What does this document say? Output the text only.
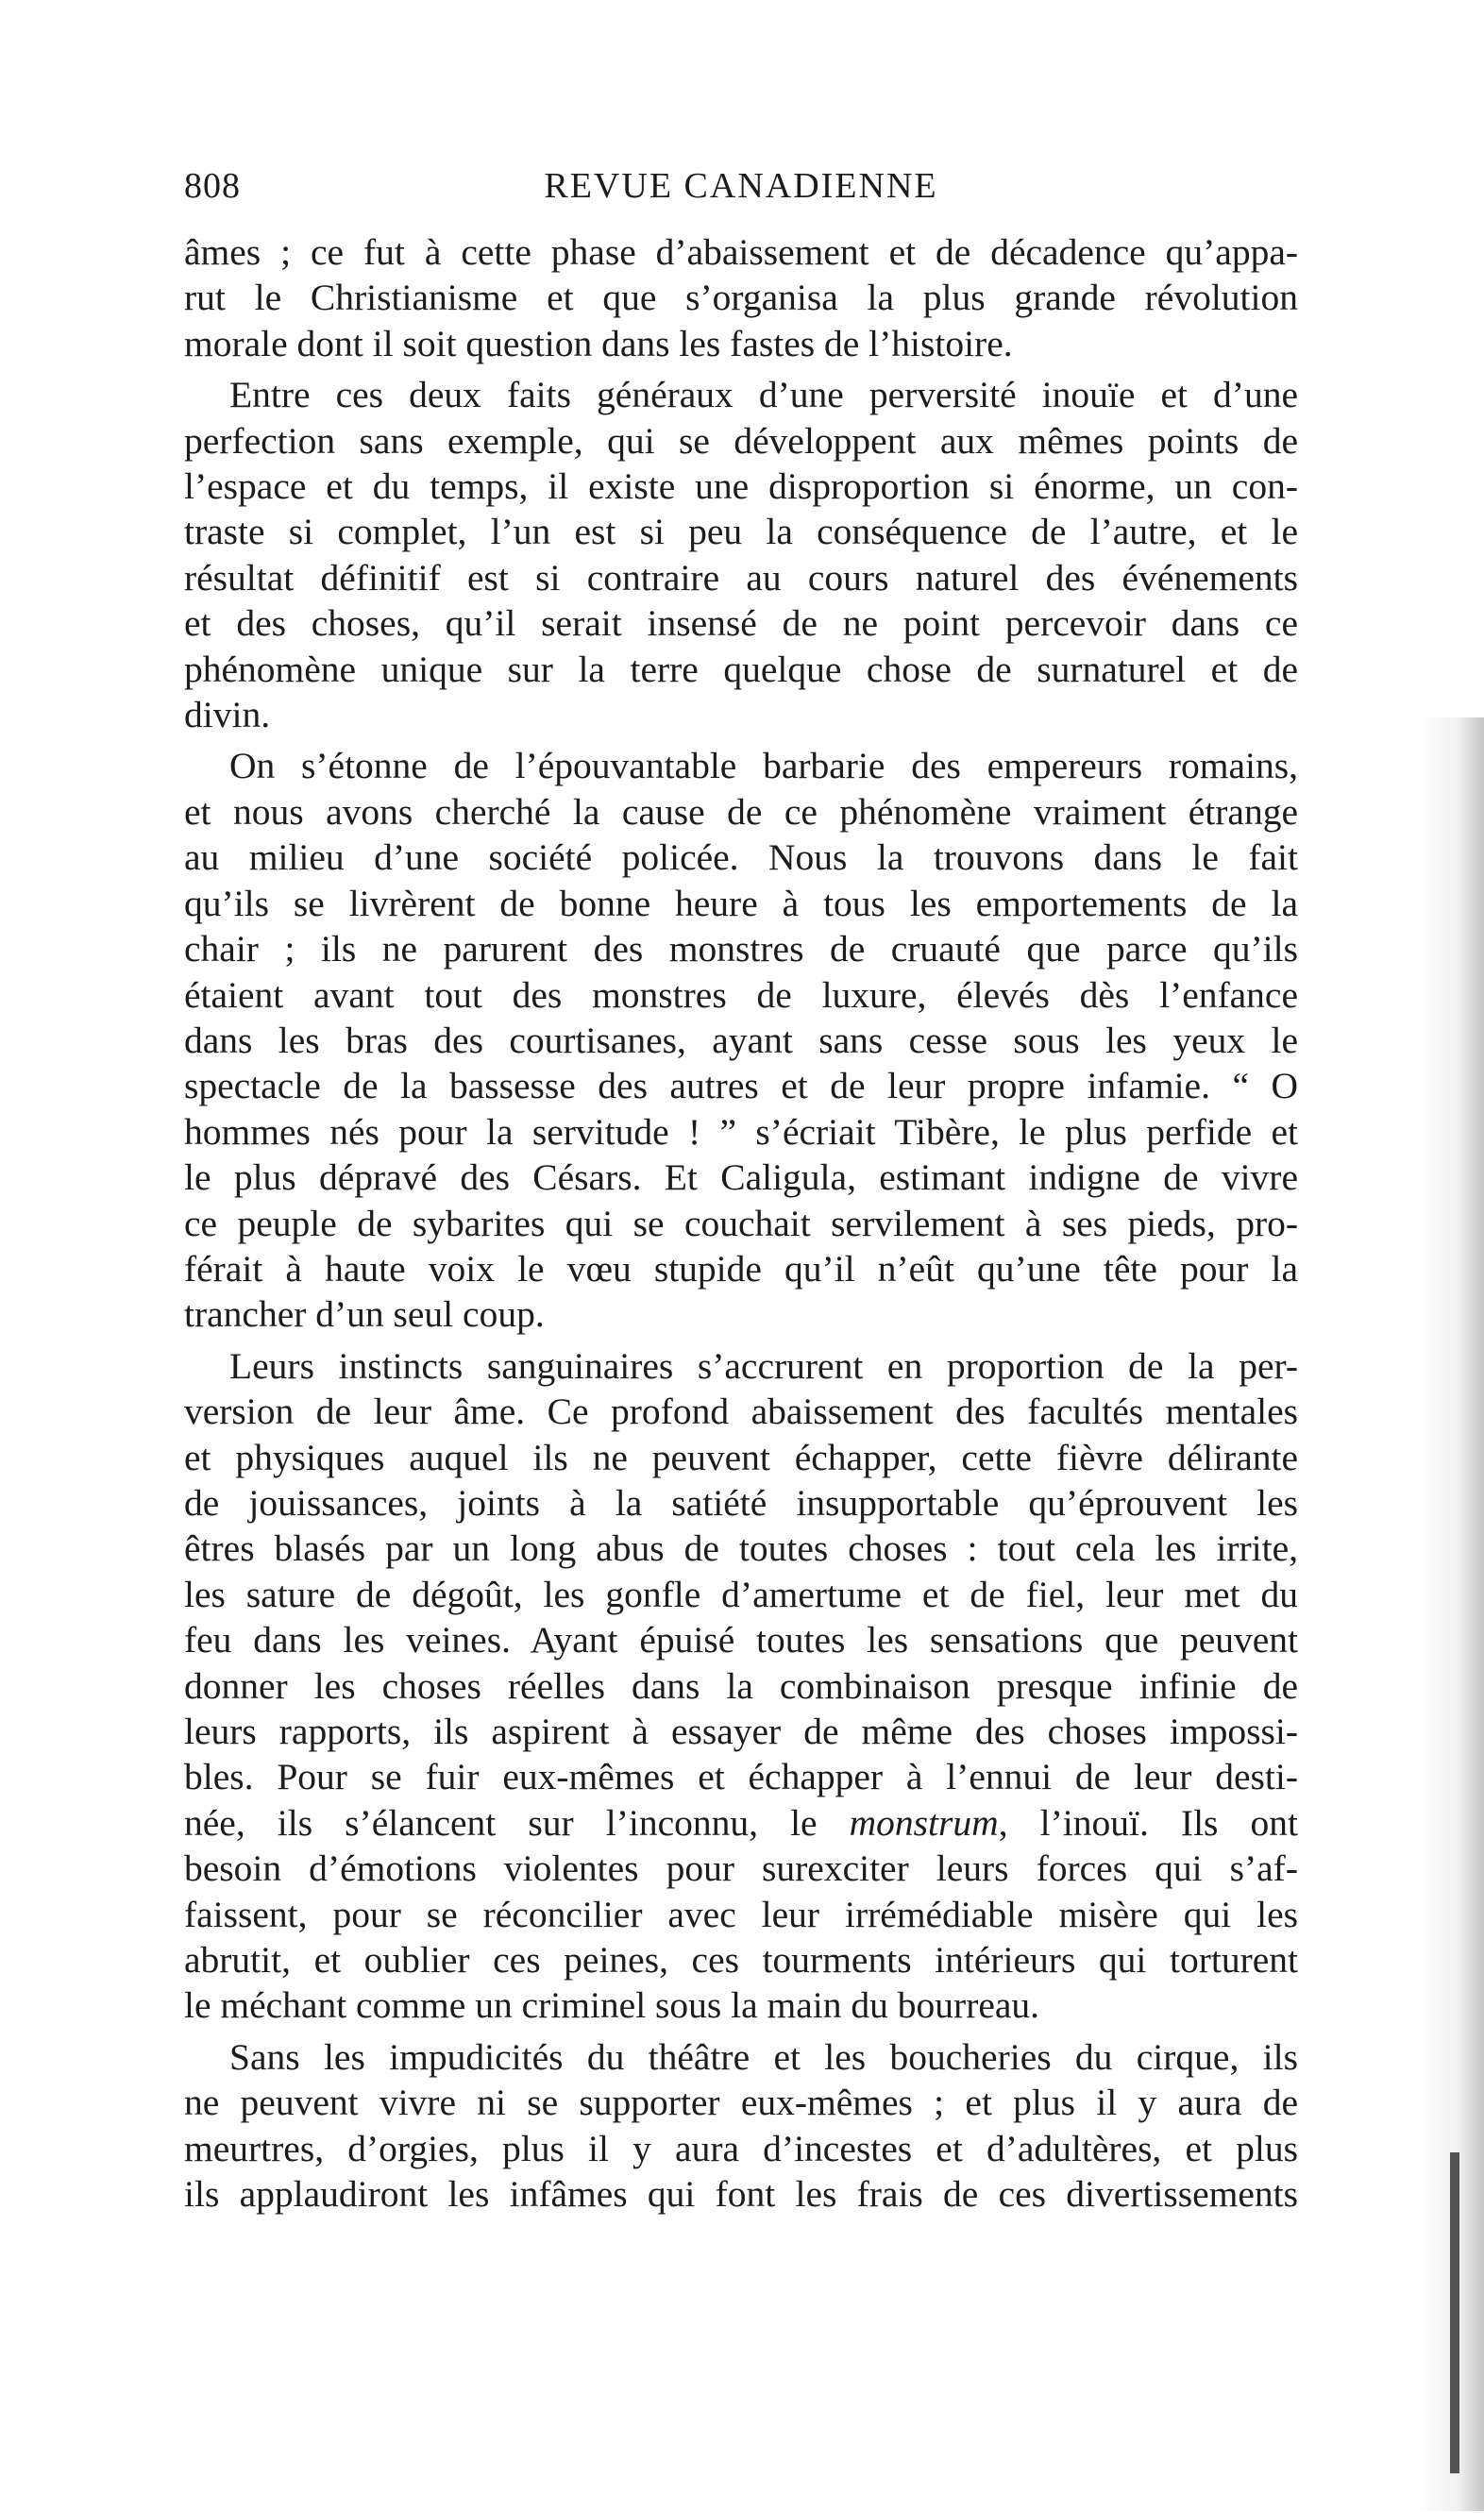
808	REVUE CANADIENNE
âmes ; ce fut à cette phase d’abaissement et de décadence qu’appa-
rut le Christianisme et que s’organisa la plus grande révolution
morale dont il soit question dans les fastes de l’histoire.
Entre ces deux faits généraux d’une perversité inouïe et d’une
perfection sans exemple, qui se développent aux mêmes points de
l’espace et du temps, il existe une disproportion si énorme, un con-
traste si complet, l’un est si peu la conséquence de l’autre, et le
résultat définitif est si contraire au cours naturel des événements
et des choses, qu’il serait insensé de ne point percevoir dans ce
phénomène unique sur la terre quelque chose de surnaturel et de
divin.
On s’étonne de l’épouvantable barbarie des empereurs romains,
et nous avons cherché la cause de ce phénomène vraiment étrange
au milieu d’une société policée. Nous la trouvons dans le fait
qu’ils se livrèrent de bonne heure à tous les emportements de la
chair ; ils ne parurent des monstres de cruauté que parce qu’ils
étaient avant tout des monstres de luxure, élevés dès l’enfance
dans les bras des courtisanes, ayant sans cesse sous les yeux le
spectacle de la bassesse des autres et de leur propre infamie. “ O
hommes nés pour la servitude ! ” s’écriait Tibère, le plus perfide et
le plus dépravé des Césars. Et Caligula, estimant indigne de vivre
ce peuple de sybarites qui se couchait servilement à ses pieds, pro-
férait à haute voix le vœu stupide qu’il n’eût qu’une tête pour la
trancher d’un seul coup.
Leurs instincts sanguinaires s’accrurent en proportion de la per-
version de leur âme. Ce profond abaissement des facultés mentales
et physiques auquel ils ne peuvent échapper, cette fièvre délirante
de jouissances, joints à la satiété insupportable qu’éprouvent les
êtres blasés par un long abus de toutes choses : tout cela les irrite,
les sature de dégoût, les gonfle d’amertume et de fiel, leur met du
feu dans les veines. Ayant épuisé toutes les sensations que peuvent
donner les choses réelles dans la combinaison presque infinie de
leurs rapports, ils aspirent à essayer de même des choses impossi-
bles. Pour se fuir eux-mêmes et échapper à l’ennui de leur desti-
née, ils s’élancent sur l’inconnu, le monstrum, l’inouï. Ils ont
besoin d’émotions violentes pour surexciter leurs forces qui s’af-
faissent, pour se réconcilier avec leur irrémédiable misère qui les
abrutit, et oublier ces peines, ces tourments intérieurs qui torturent
le méchant comme un criminel sous la main du bourreau.
Sans les impudicités du théâtre et les boucheries du cirque, ils
ne peuvent vivre ni se supporter eux-mêmes ; et plus il y aura de
meurtres, d’orgies, plus il y aura d’incestes et d’adultères, et plus
ils applaudiront les infâmes qui font les frais de ces divertissements
